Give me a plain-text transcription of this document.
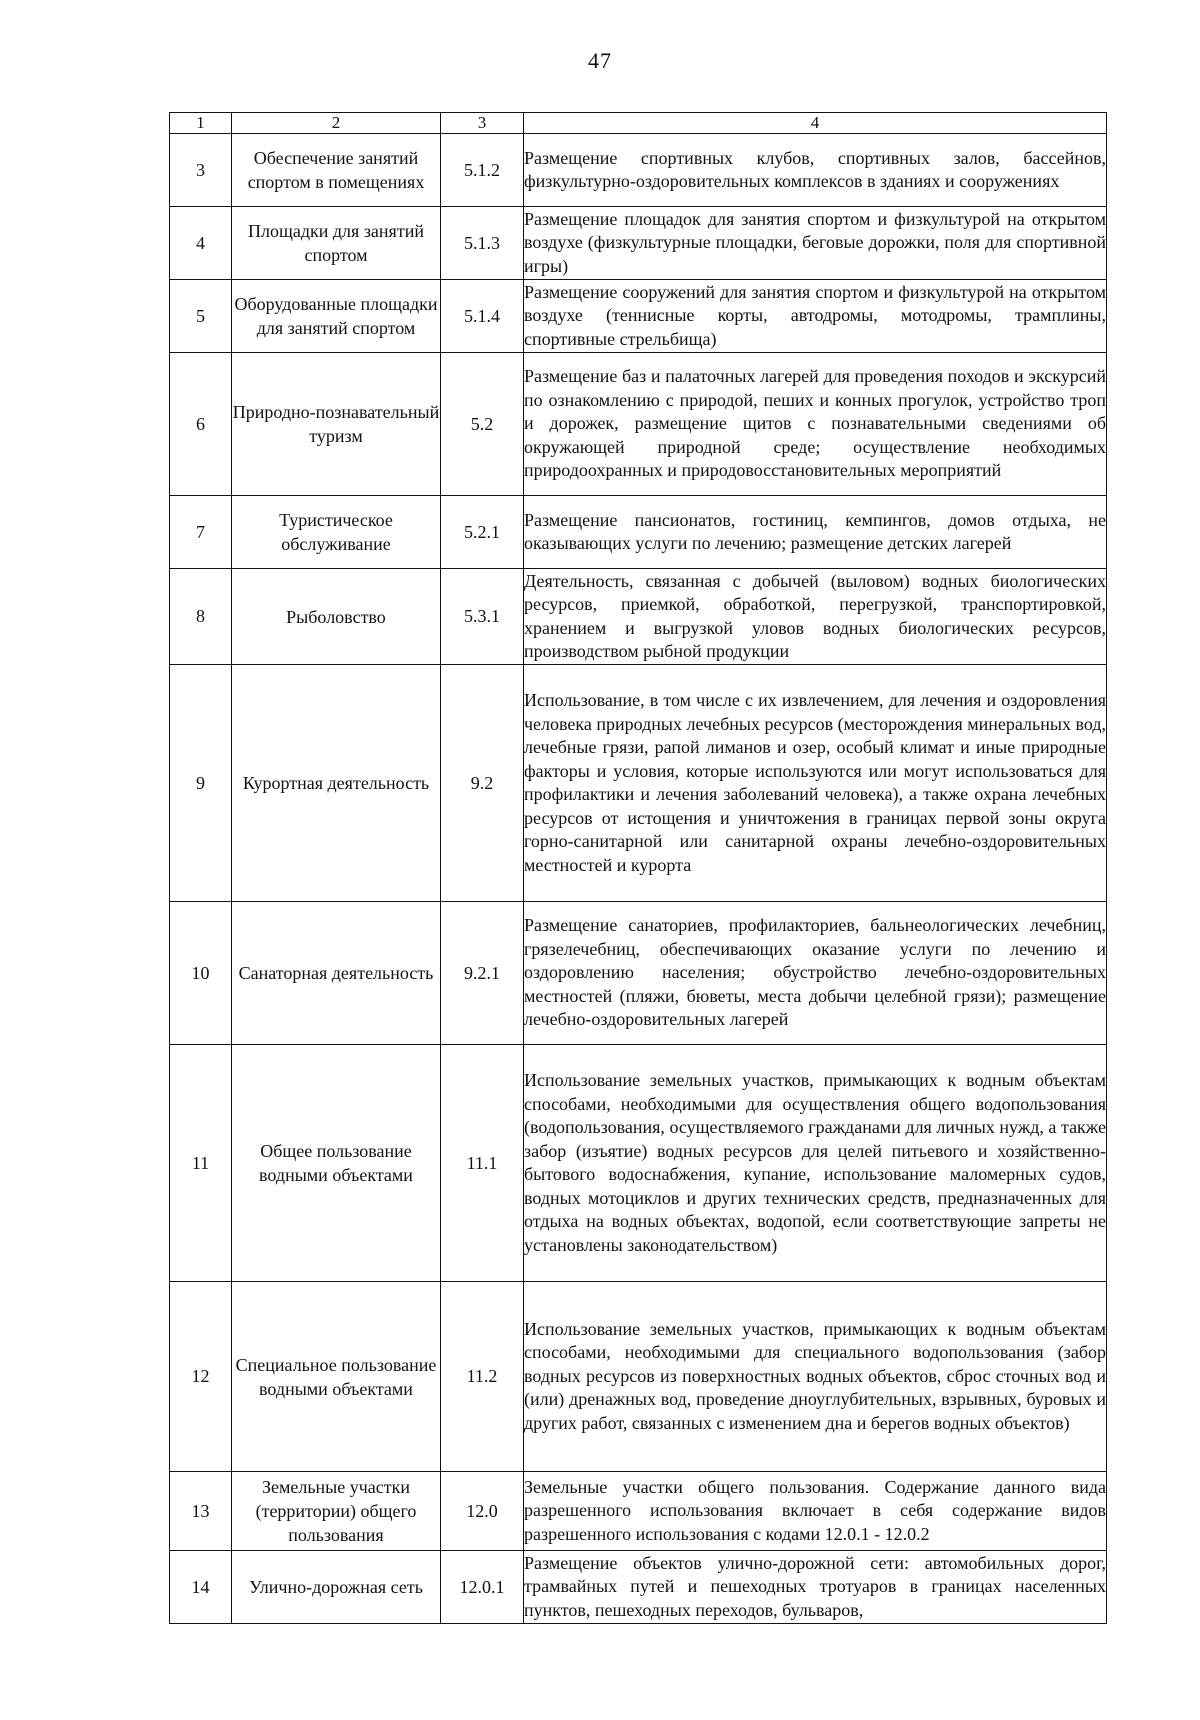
47
1	2	3	4
3	Обеспечение занятий спортом в помещениях	5.1.2	Размещение спортивных клубов, спортивных залов, бассейнов, физкультурно-оздоровительных комплексов в зданиях и сооружениях
4	Площадки для занятий спортом	5.1.3	Размещение площадок для занятия спортом и физкультурой на открытом воздухе (физкультурные площадки, беговые дорожки, поля для спортивной игры)
5	Оборудованные площадки для занятий спортом	5.1.4	Размещение сооружений для занятия спортом и физкультурой на открытом воздухе (теннисные корты, автодромы, мотодромы, трамплины, спортивные стрельбища)
6	Природно-познавательный туризм	5.2	Размещение баз и палаточных лагерей для проведения походов и экскурсий по ознакомлению с природой, пеших и конных прогулок, устройство троп и дорожек, размещение щитов с познавательными сведениями об окружающей природной среде; осуществление необходимых природоохранных и природовосстановительных мероприятий
7	Туристическое обслуживание	5.2.1	Размещение пансионатов, гостиниц, кемпингов, домов отдыха, не оказывающих услуги по лечению; размещение детских лагерей
8	Рыболовство	5.3.1	Деятельность, связанная с добычей (выловом) водных биологических ресурсов, приемкой, обработкой, перегрузкой, транспортировкой, хранением и выгрузкой уловов водных биологических ресурсов, производством рыбной продукции
9	Курортная деятельность	9.2	Использование, в том числе с их извлечением, для лечения и оздоровления человека природных лечебных ресурсов (месторождения минеральных вод, лечебные грязи, рапой лиманов и озер, особый климат и иные природные факторы и условия, которые используются или могут использоваться для профилактики и лечения заболеваний человека), а также охрана лечебных ресурсов от истощения и уничтожения в границах первой зоны округа горно-санитарной или санитарной охраны лечебно-оздоровительных местностей и курорта
10	Санаторная деятельность	9.2.1	Размещение санаториев, профилакториев, бальнеологических лечебниц, грязелечебниц, обеспечивающих оказание услуги по лечению и оздоровлению населения; обустройство лечебно-оздоровительных местностей (пляжи, бюветы, места добычи целебной грязи); размещение лечебно-оздоровительных лагерей
11	Общее пользование водными объектами	11.1	Использование земельных участков, примыкающих к водным объектам способами, необходимыми для осуществления общего водопользования (водопользования, осуществляемого гражданами для личных нужд, а также забор (изъятие) водных ресурсов для целей питьевого и хозяйственно-бытового водоснабжения, купание, использование маломерных судов, водных мотоциклов и других технических средств, предназначенных для отдыха на водных объектах, водопой, если соответствующие запреты не установлены законодательством)
12	Специальное пользование водными объектами	11.2	Использование земельных участков, примыкающих к водным объектам способами, необходимыми для специального водопользования (забор водных ресурсов из поверхностных водных объектов, сброс сточных вод и (или) дренажных вод, проведение дноуглубительных, взрывных, буровых и других работ, связанных с изменением дна и берегов водных объектов)
13	Земельные участки (территории) общего пользования	12.0	Земельные участки общего пользования. Содержание данного вида разрешенного использования включает в себя содержание видов разрешенного использования с кодами 12.0.1 - 12.0.2
14	Улично-дорожная сеть	12.0.1	Размещение объектов улично-дорожной сети: автомобильных дорог, трамвайных путей и пешеходных тротуаров в границах населенных пунктов, пешеходных переходов, бульваров,
